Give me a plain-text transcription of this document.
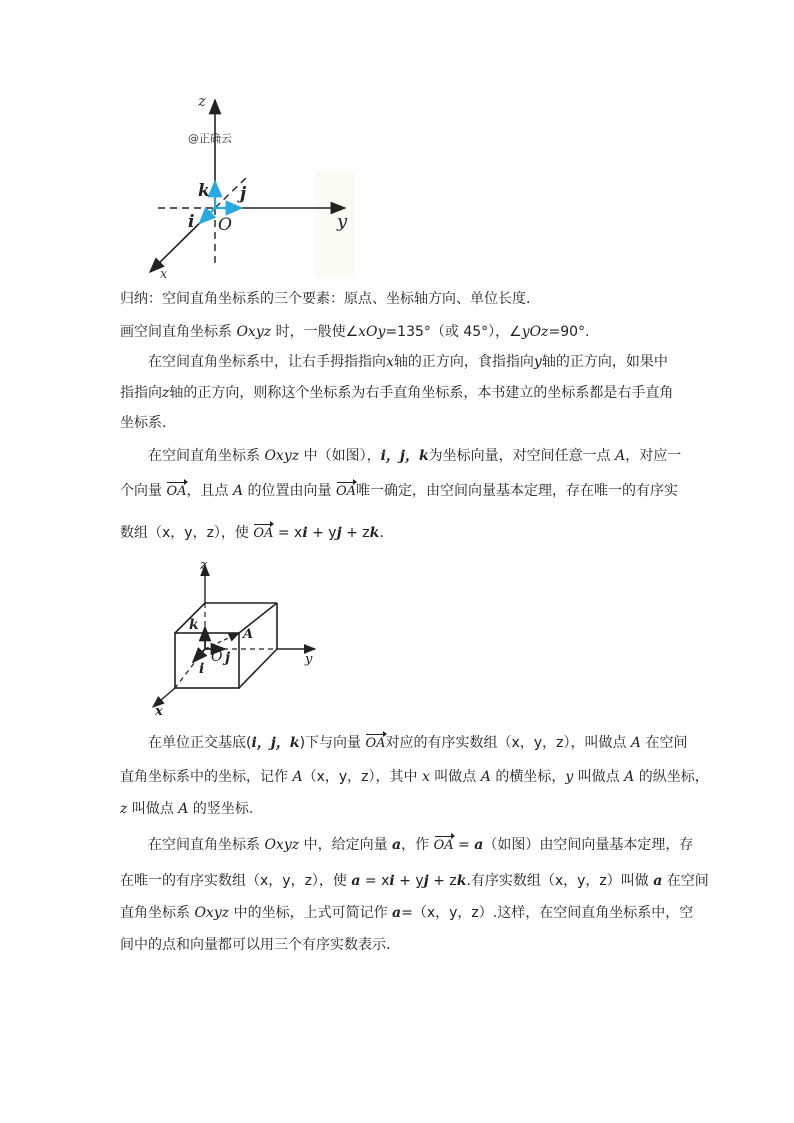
z
@正确云
k j
i O	y
x
归纳：空间直角坐标系的三个要素：原点、坐标轴方向、单位长度.
画空间直角坐标系 Oxyz 时，一般使∠xOy=135°（或 45°），∠yOz=90°.
在空间直角坐标系中，让右手拇指指向x轴的正方向，食指指向y轴的正方向，如果中
指指向z轴的正方向，则称这个坐标系为右手直角坐标系，本书建立的坐标系都是右手直角
坐标系.
在空间直角坐标系 Oxyz 中（如图），i，j，k为坐标向量，对空间任意一点 A，对应一
个向量 OA，且点 A 的位置由向量 OA唯一确定，由空间向量基本定理，存在唯一的有序实
数组（x，y，z），使 OA = xi + yj + zk.
z
k
A
O j
i
y
x
在单位正交基底(i，j，k)下与向量 OA对应的有序实数组（x，y，z），叫做点 A 在空间
直角坐标系中的坐标，记作 A（x，y，z），其中 x 叫做点 A 的横坐标，y 叫做点 A 的纵坐标，
z 叫做点 A 的竖坐标.
在空间直角坐标系 Oxyz 中，给定向量 a，作 OA = a（如图）由空间向量基本定理，存
在唯一的有序实数组（x，y，z），使 a = xi + yj + zk.有序实数组（x，y，z）叫做 a 在空间
直角坐标系 Oxyz 中的坐标，上式可简记作 a=（x，y，z）.这样，在空间直角坐标系中，空
间中的点和向量都可以用三个有序实数表示.
